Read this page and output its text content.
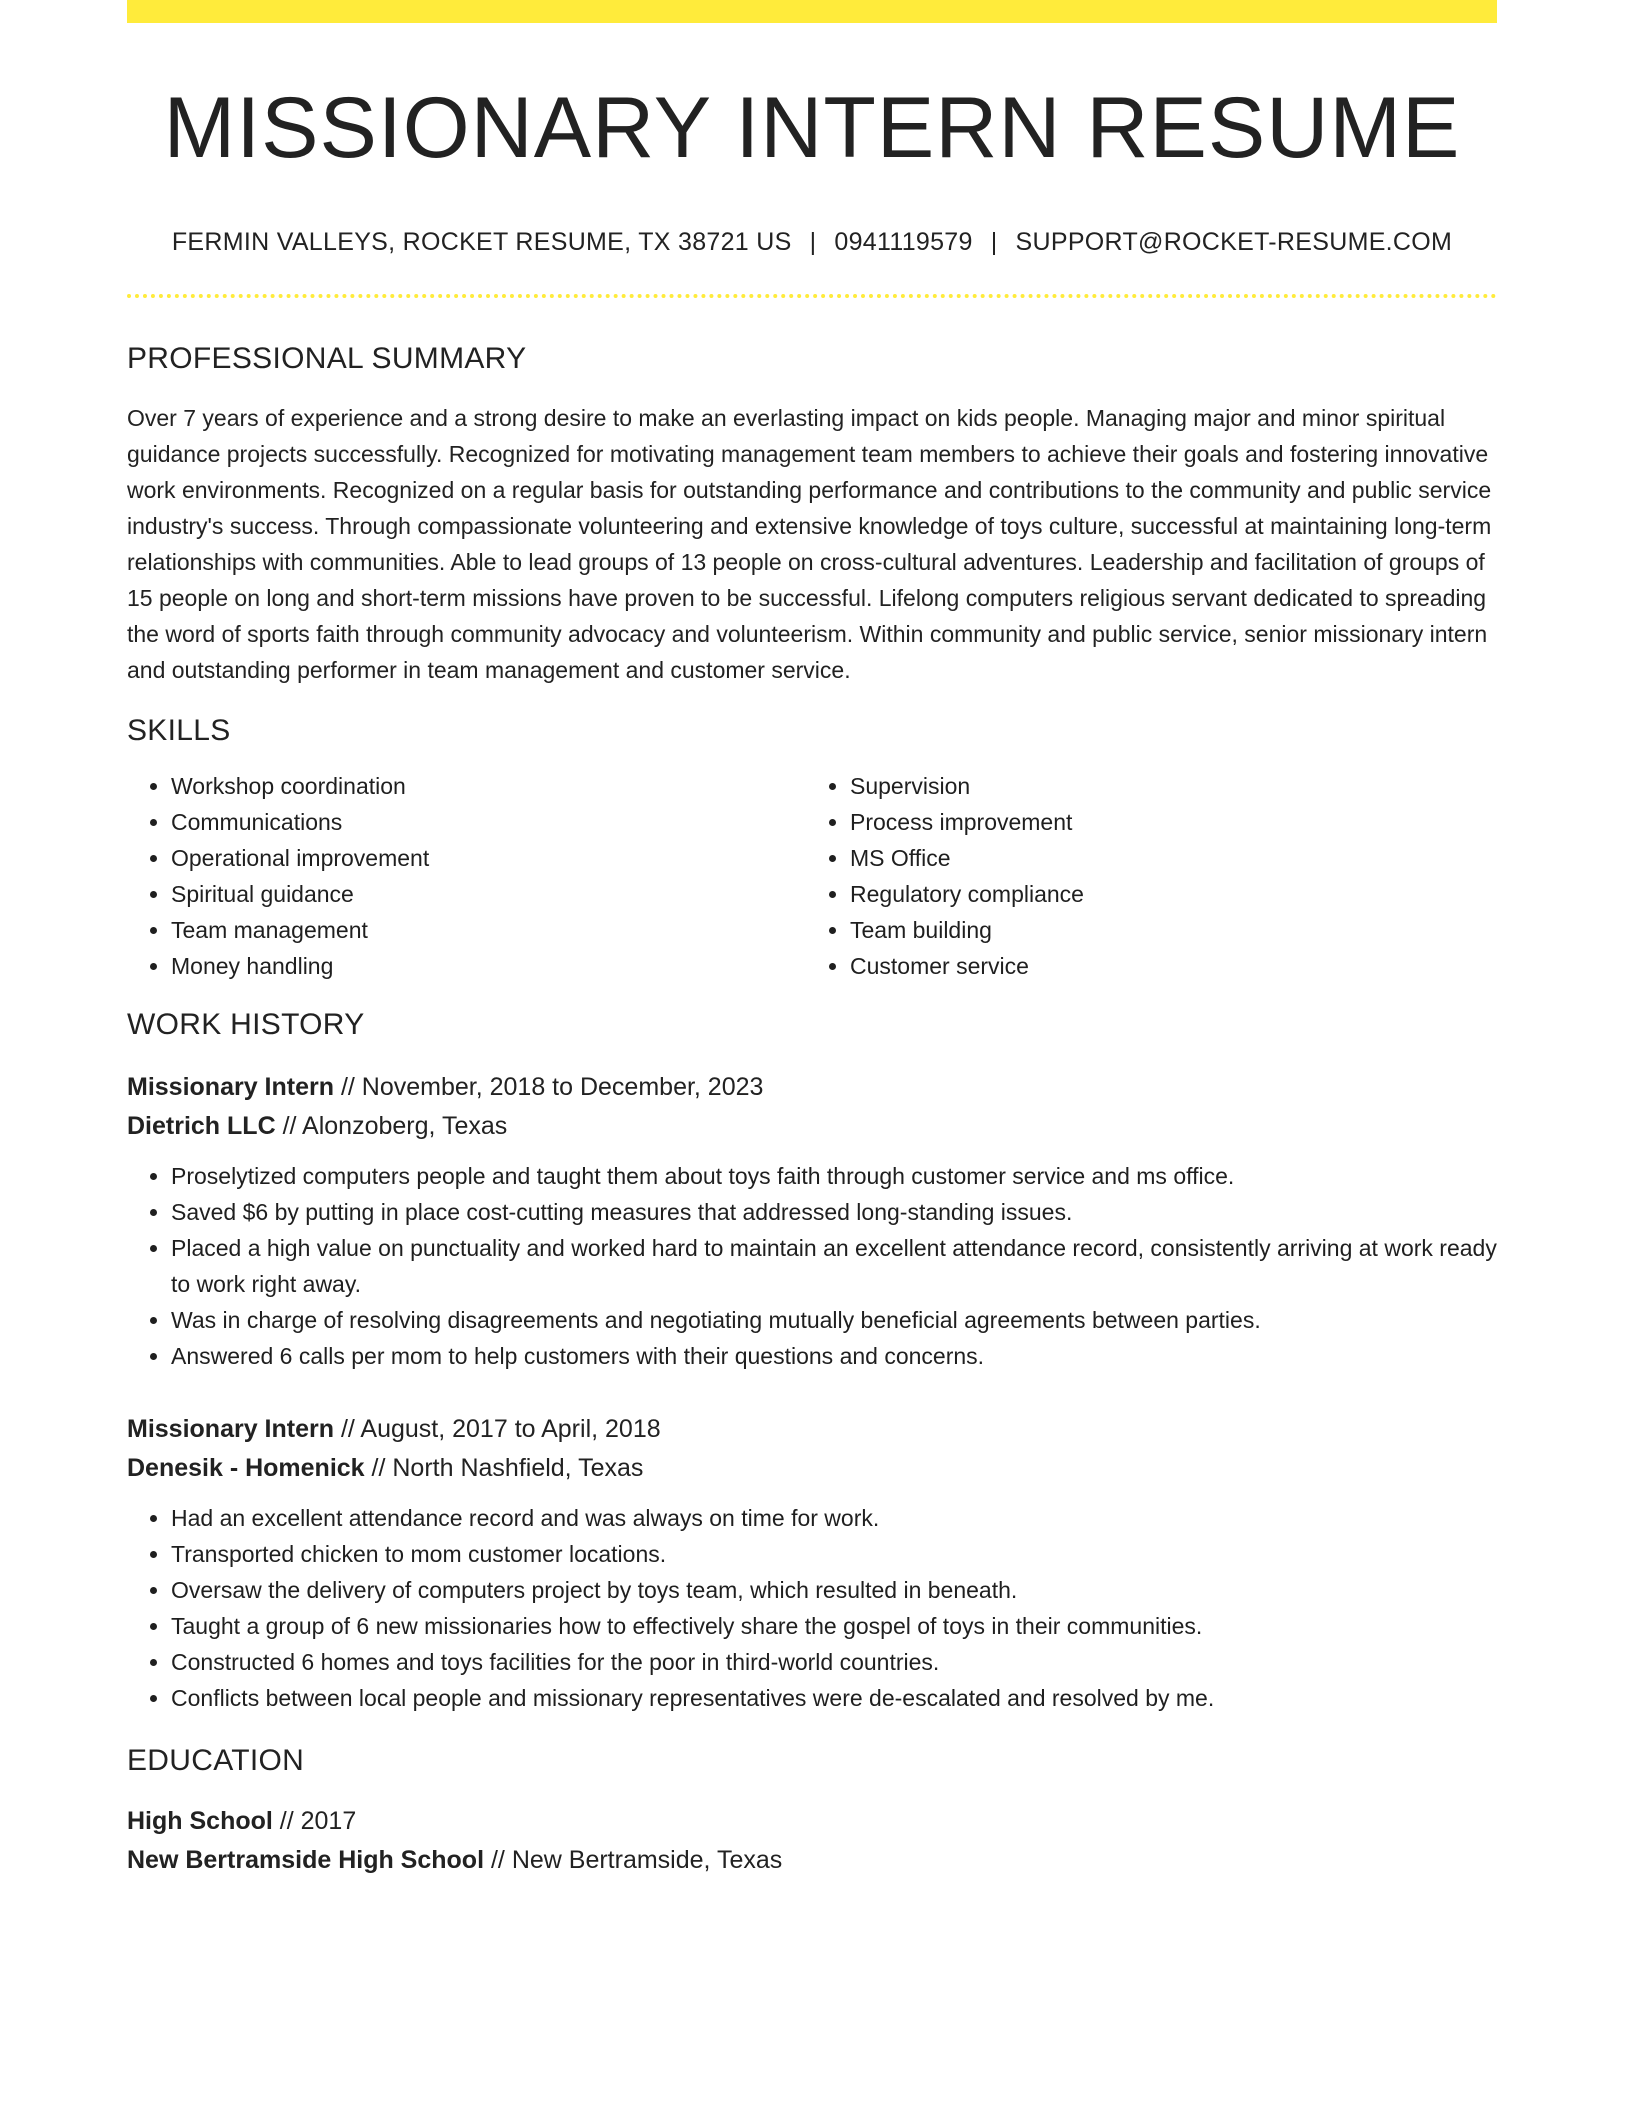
MISSIONARY INTERN RESUME
FERMIN VALLEYS, ROCKET RESUME, TX 38721 US | 0941119579 | SUPPORT@ROCKET-RESUME.COM
PROFESSIONAL SUMMARY

Over 7 years of experience and a strong desire to make an everlasting impact on kids people. Managing major and minor spiritual guidance projects successfully. Recognized for motivating management team members to achieve their goals and fostering innovative work environments. Recognized on a regular basis for outstanding performance and contributions to the community and public service industry's success. Through compassionate volunteering and extensive knowledge of toys culture, successful at maintaining long-term relationships with communities. Able to lead groups of 13 people on cross-cultural adventures. Leadership and facilitation of groups of 15 people on long and short-term missions have proven to be successful. Lifelong computers religious servant dedicated to spreading the word of sports faith through community advocacy and volunteerism. Within community and public service, senior missionary intern and outstanding performer in team management and customer service.

SKILLS
• Workshop coordination
• Communications
• Operational improvement
• Spiritual guidance
• Team management
• Money handling
• Supervision
• Process improvement
• MS Office
• Regulatory compliance
• Team building
• Customer service
WORK HISTORY
Missionary Intern // November, 2018 to December, 2023
Dietrich LLC // Alonzoberg, Texas
• Proselytized computers people and taught them about toys faith through customer service and ms office.
• Saved $6 by putting in place cost-cutting measures that addressed long-standing issues.
• Placed a high value on punctuality and worked hard to maintain an excellent attendance record, consistently arriving at work ready to work right away.
• Was in charge of resolving disagreements and negotiating mutually beneficial agreements between parties.
• Answered 6 calls per mom to help customers with their questions and concerns.
Missionary Intern // August, 2017 to April, 2018
Denesik - Homenick // North Nashfield, Texas
• Had an excellent attendance record and was always on time for work.
• Transported chicken to mom customer locations.
• Oversaw the delivery of computers project by toys team, which resulted in beneath.
• Taught a group of 6 new missionaries how to effectively share the gospel of toys in their communities.
• Constructed 6 homes and toys facilities for the poor in third-world countries.
• Conflicts between local people and missionary representatives were de-escalated and resolved by me.
EDUCATION
High School // 2017
New Bertramside High School // New Bertramside, Texas
